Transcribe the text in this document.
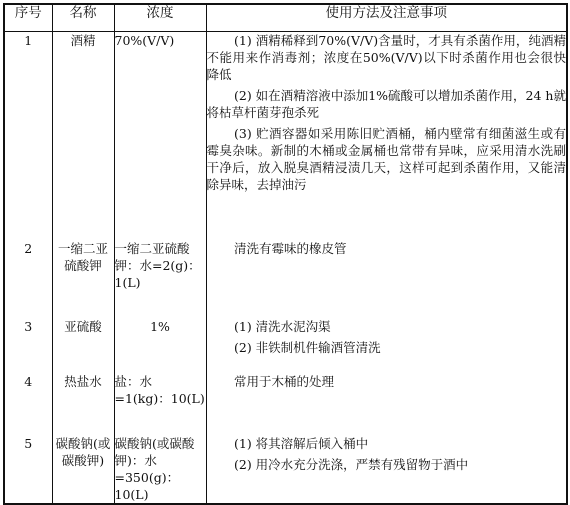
序号	名称	浓度	使用方法及注意事项
1	酒精	70%(V/V)	(1) 酒精稀释到70%(V/V)含量时，才具有杀菌作用，纯酒精不能用来作消毒剂；浓度在50%(V/V)以下时杀菌作用也会很快降低

(2) 如在酒精溶液中添加1%硫酸可以增加杀菌作用，24 h就将枯草杆菌芽孢杀死

(3) 贮酒容器如采用陈旧贮酒桶，桶内壁常有细菌滋生或有霉臭杂味。新制的木桶或金属桶也常带有异味，应采用清水洗刷干净后，放入脱臭酒精浸渍几天，这样可起到杀菌作用，又能清除异味，去掉油污

2	一缩二亚硫酸钾	一缩二亚硫酸钾：水=2(g)：1(L)	清洗有霉味的橡皮管

3	亚硫酸	1%	(1) 清洗水泥沟渠

(2) 非铁制机件输酒管清洗

4	热盐水	盐：水=1(kg)：10(L)	常用于木桶的处理

5	碳酸钠(或碳酸钾)	碳酸钠(或碳酸钾)：水=350(g)：10(L)	(1) 将其溶解后倾入桶中

(2) 用冷水充分洗涤，严禁有残留物于酒中
